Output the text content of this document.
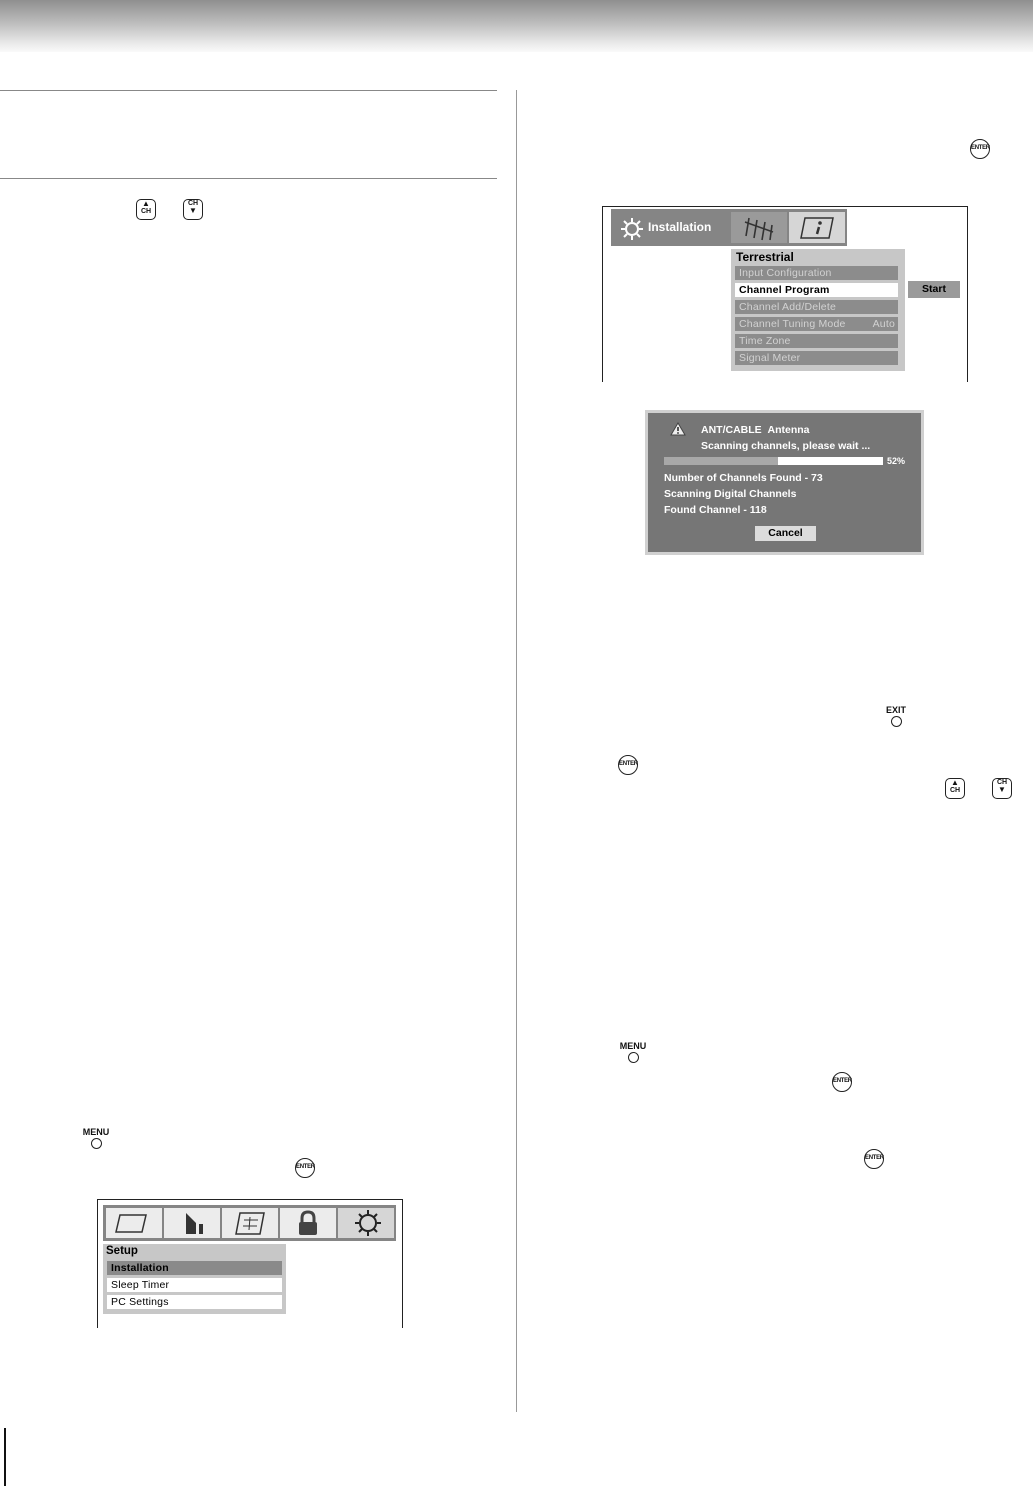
▲
CH
CH
▼
MENU
ENTER
Setup
Installation
Sleep Timer
PC Settings
ENTER
Installation
Terrestrial
Input Configuration
Channel Program
Channel Add/Delete
Channel Tuning Mode	Auto
Time Zone
Signal Meter
Start
ANT/CABLE Antenna
Scanning channels, please wait ...
52%
Number of Channels Found - 73
Scanning Digital Channels
Found Channel - 118
Cancel
EXIT
ENTER
▲
CH
CH
▼
MENU
ENTER
ENTER
